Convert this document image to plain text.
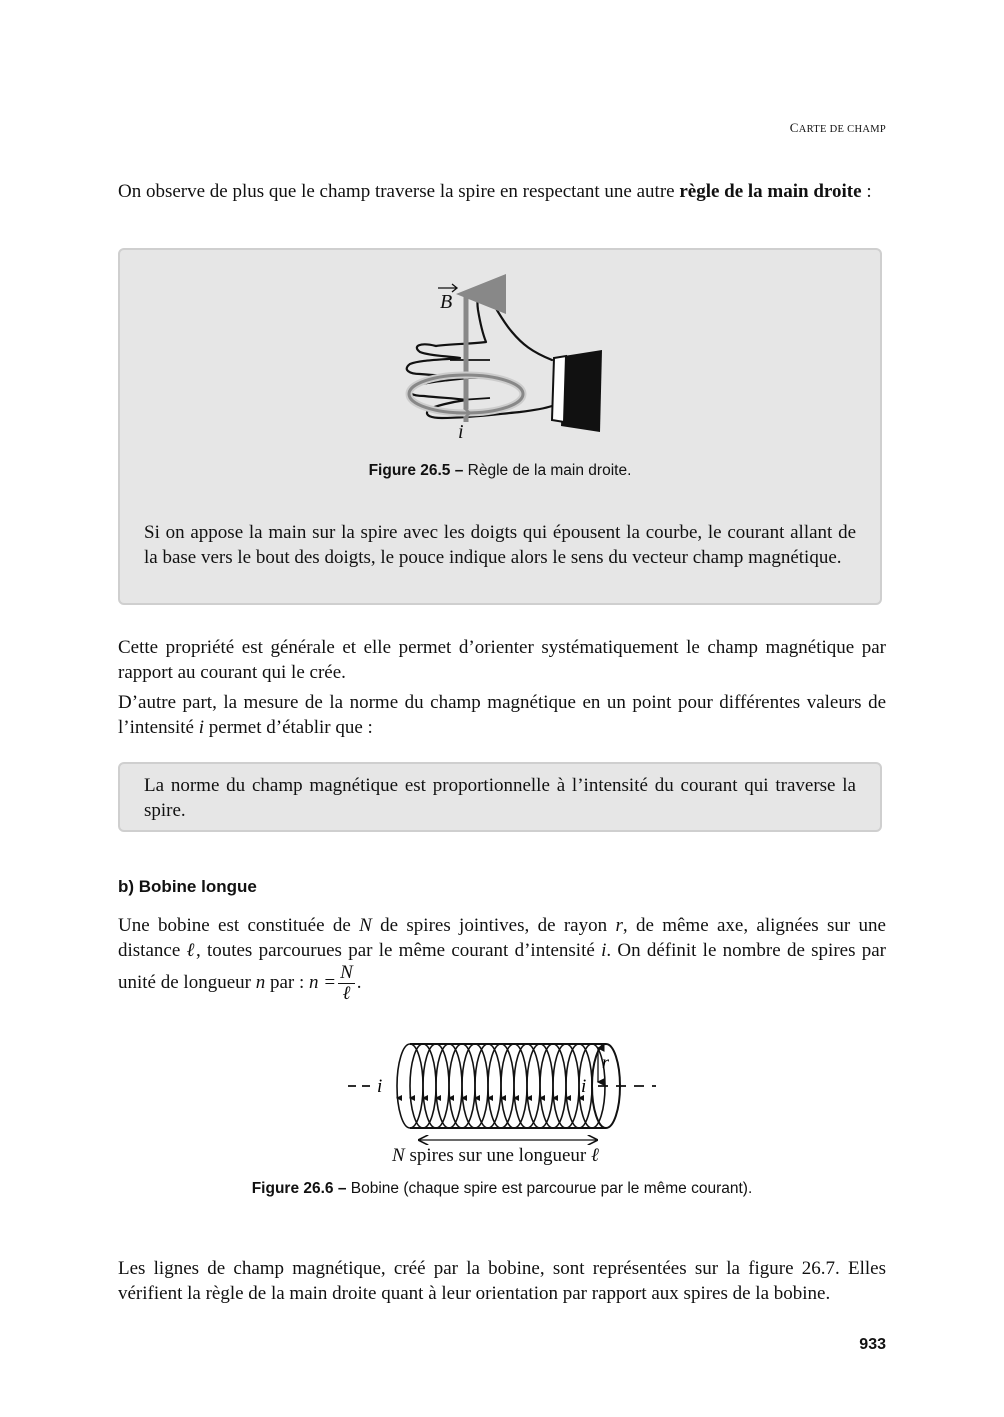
CARTE DE CHAMP

On observe de plus que le champ traverse la spire en respectant une autre règle de la main droite :

B
i
Figure 26.5 – Règle de la main droite.

Si on appose la main sur la spire avec les doigts qui épousent la courbe, le courant allant de la base vers le bout des doigts, le pouce indique alors le sens du vecteur champ magnétique.

Cette propriété est générale et elle permet d’orienter systématiquement le champ magnétique par rapport au courant qui le crée.

D’autre part, la mesure de la norme du champ magnétique en un point pour différentes valeurs de l’intensité i permet d’établir que :

La norme du champ magnétique est proportionnelle à l’intensité du courant qui traverse la spire.

b) Bobine longue

Une bobine est constituée de N de spires jointives, de rayon r, de même axe, alignées sur une distance ℓ, toutes parcourues par le même courant d’intensité i. On définit le nombre de spires par unité de longueur n par : $n = \frac{N}{\text{ℓ}}$ .

r
i	i
N spires sur une longueur ℓ
Figure 26.6 – Bobine (chaque spire est parcourue par le même courant).

Les lignes de champ magnétique, créé par la bobine, sont représentées sur la figure 26.7. Elles vérifient la règle de la main droite quant à leur orientation par rapport aux spires de la bobine.

933
